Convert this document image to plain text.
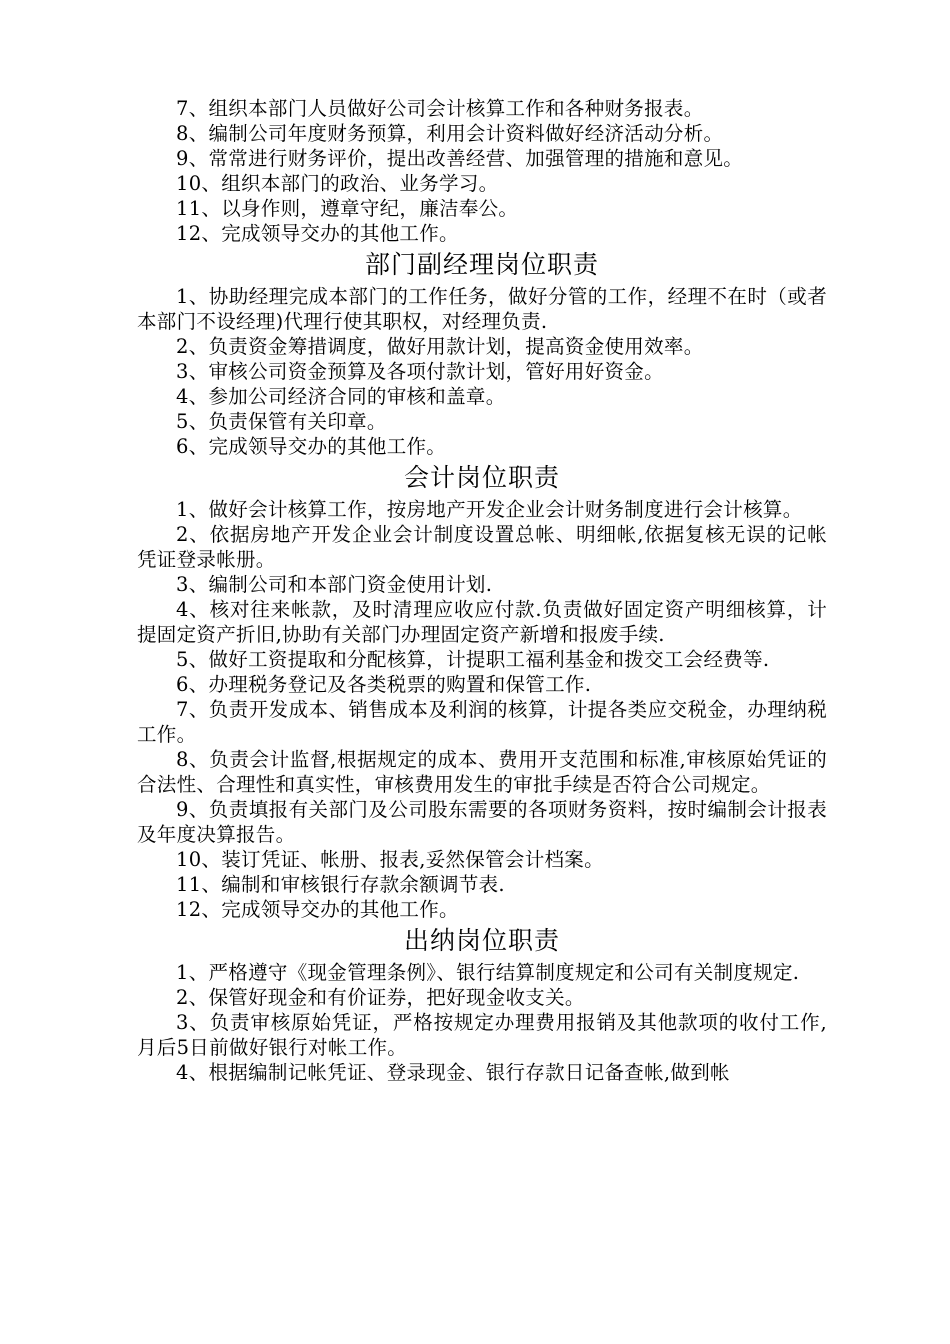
7、组织本部门人员做好公司会计核算工作和各种财务报表。

8、编制公司年度财务预算，利用会计资料做好经济活动分析。

9、常常进行财务评价，提出改善经营、加强管理的措施和意见。

10、组织本部门的政治、业务学习。

11、以身作则，遵章守纪，廉洁奉公。

12、完成领导交办的其他工作。

部门副经理岗位职责

1、协助经理完成本部门的工作任务，做好分管的工作，经理不在时（或者本部门不设经理)代理行使其职权，对经理负责.

2、负责资金筹措调度，做好用款计划，提高资金使用效率。

3、审核公司资金预算及各项付款计划，管好用好资金。

4、参加公司经济合同的审核和盖章。

5、负责保管有关印章。

6、完成领导交办的其他工作。

会计岗位职责

1、做好会计核算工作，按房地产开发企业会计财务制度进行会计核算。

2、依据房地产开发企业会计制度设置总帐、明细帐,依据复核无误的记帐凭证登录帐册。

3、编制公司和本部门资金使用计划.

4、核对往来帐款，及时清理应收应付款.负责做好固定资产明细核算，计提固定资产折旧,协助有关部门办理固定资产新增和报废手续.

5、做好工资提取和分配核算，计提职工福利基金和拨交工会经费等.

6、办理税务登记及各类税票的购置和保管工作.

7、负责开发成本、销售成本及利润的核算，计提各类应交税金，办理纳税工作。

8、负责会计监督,根据规定的成本、费用开支范围和标准,审核原始凭证的合法性、合理性和真实性，审核费用发生的审批手续是否符合公司规定。

9、负责填报有关部门及公司股东需要的各项财务资料，按时编制会计报表及年度决算报告。

10、装订凭证、帐册、报表,妥然保管会计档案。

11、编制和审核银行存款余额调节表.

12、完成领导交办的其他工作。

出纳岗位职责

1、严格遵守《现金管理条例》、银行结算制度规定和公司有关制度规定.

2、保管好现金和有价证券，把好现金收支关。

3、负责审核原始凭证，严格按规定办理费用报销及其他款项的收付工作,月后5日前做好银行对帐工作。

4、根据编制记帐凭证、登录现金、银行存款日记备查帐,做到帐
